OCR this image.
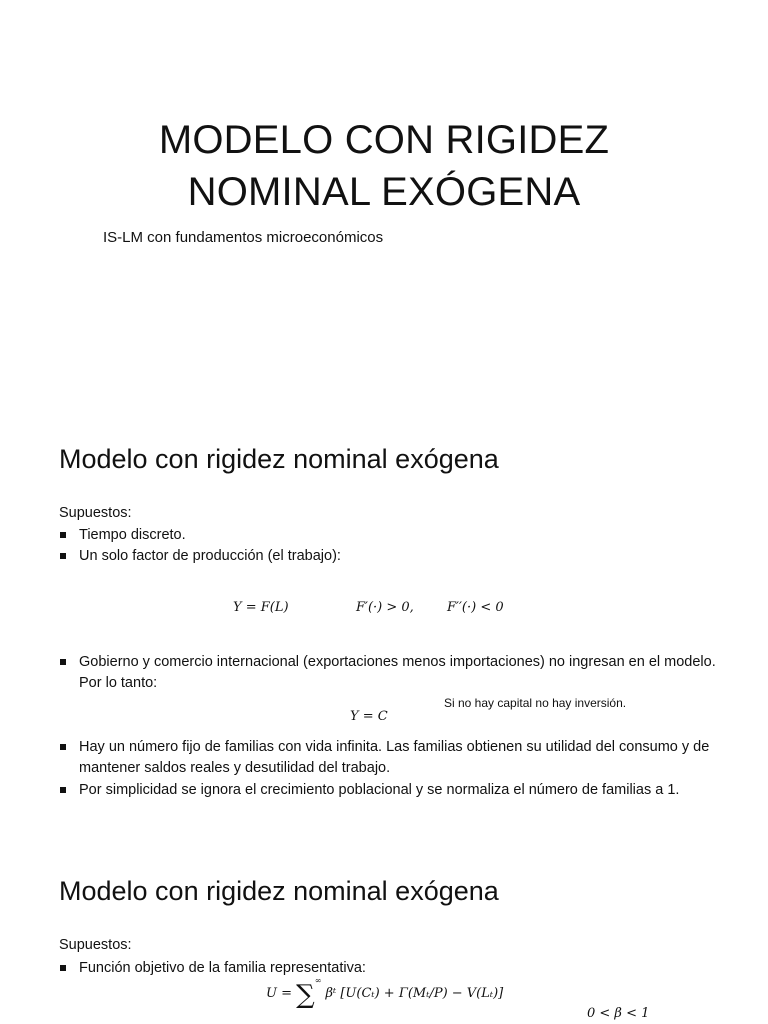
MODELO CON RIGIDEZ
NOMINAL EXÓGENA
IS-LM con fundamentos microeconómicos
Modelo con rigidez nominal exógena
Supuestos:
Tiempo discreto.
Un solo factor de producción (el trabajo):
Y = F(L)	F′(·) > 0,	F′′(·) < 0
Gobierno y comercio internacional (exportaciones menos importaciones) no ingresan en el modelo. Por lo tanto:
Si no hay capital no hay inversión.
Y = C
Hay un número fijo de familias con vida infinita. Las familias obtienen su utilidad del consumo y de mantener saldos reales y desutilidad del trabajo.
Por simplicidad se ignora el crecimiento poblacional y se normaliza el número de familias a 1.
Modelo con rigidez nominal exógena
Supuestos:
Función objetivo de la familia representativa:
U = ∑∞ βᵗ [U(Cₜ) + Γ(Mₜ/P) − V(Lₜ)]
0 < β < 1
